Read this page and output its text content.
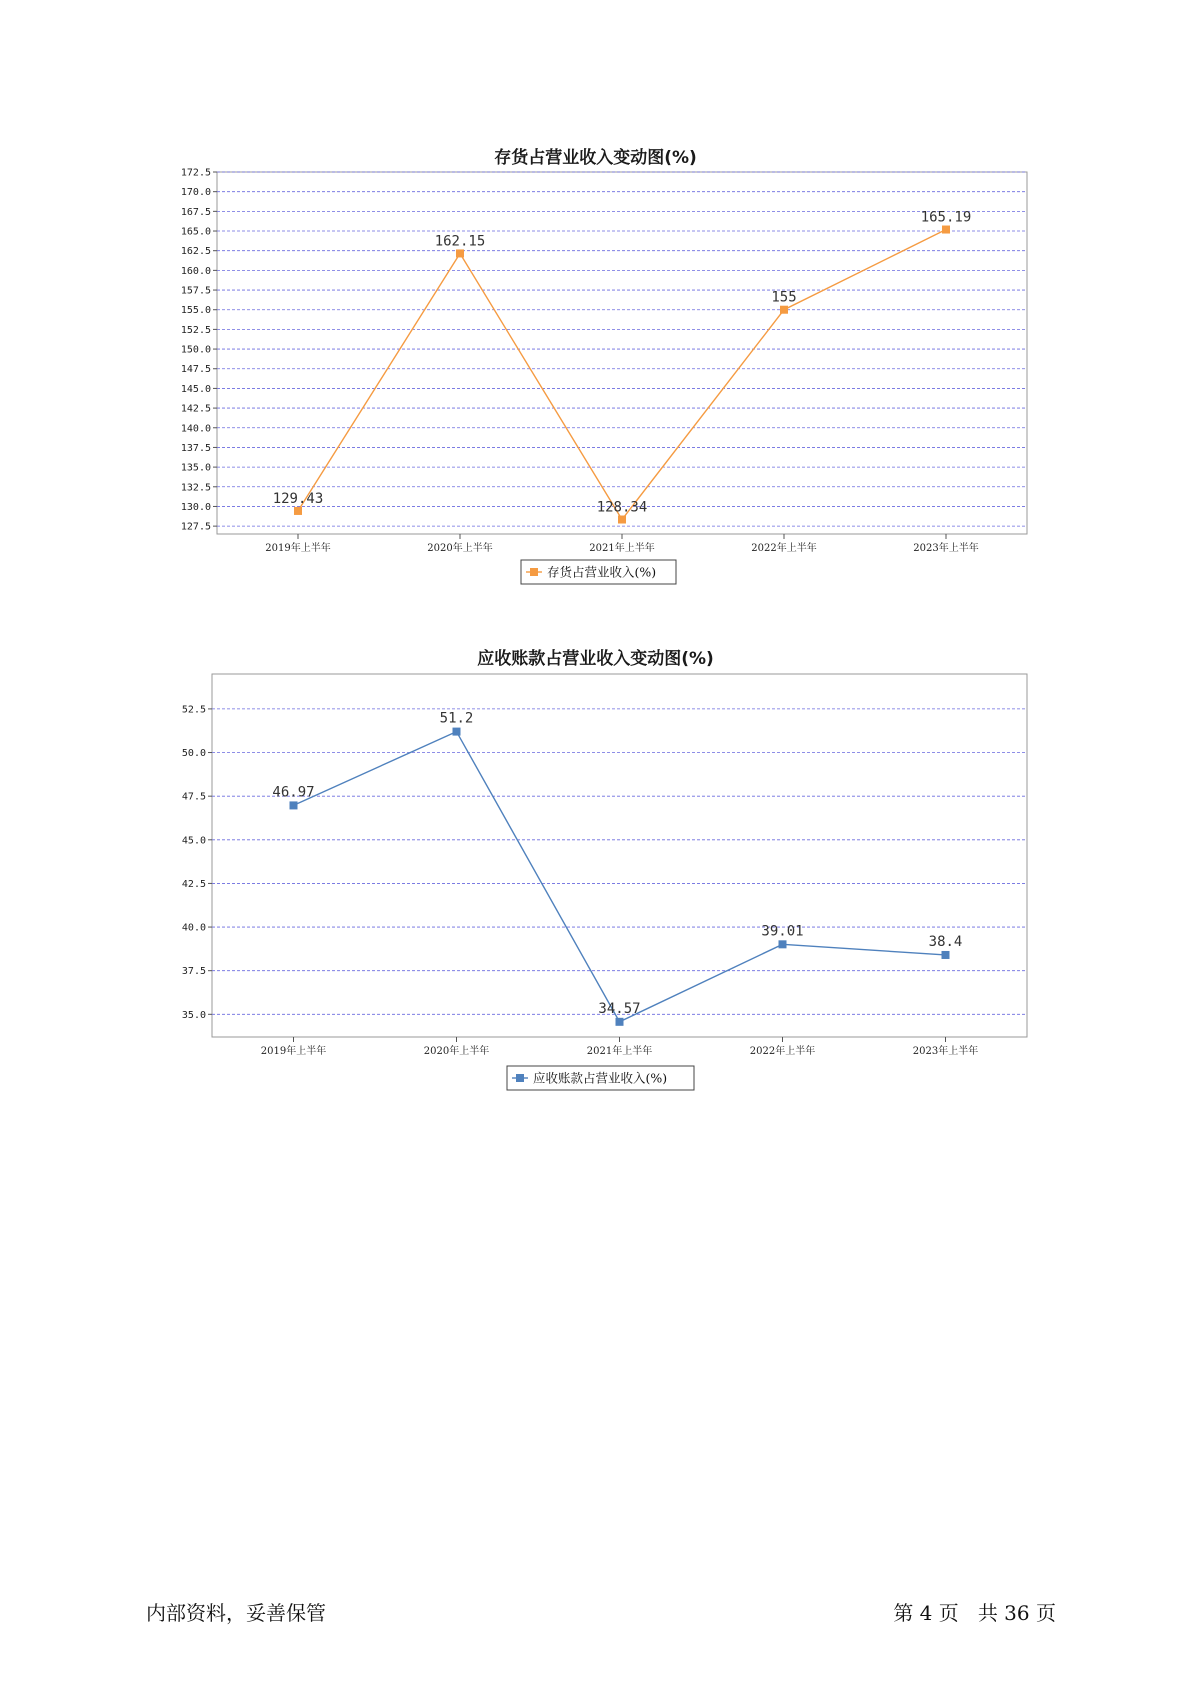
存货占营业收入变动图(%)
172.5
170.0
167.5
165.0
162.5
160.0
157.5
155.0
152.5
150.0
147.5
145.0
142.5
140.0
137.5
135.0
132.5
130.0
127.5
2019年上半年	2020年上半年	2021年上半年	2022年上半年	2023年上半年
129.43
162.15
128.34
155
165.19
存货占营业收入(%)
应收账款占营业收入变动图(%)
52.5
50.0
47.5
45.0
42.5
40.0
37.5
35.0
2019年上半年	2020年上半年	2021年上半年	2022年上半年	2023年上半年
46.97
51.2
34.57
39.01
38.4
应收账款占营业收入(%)
内部资料，妥善保管	第 4 页   共 36 页
